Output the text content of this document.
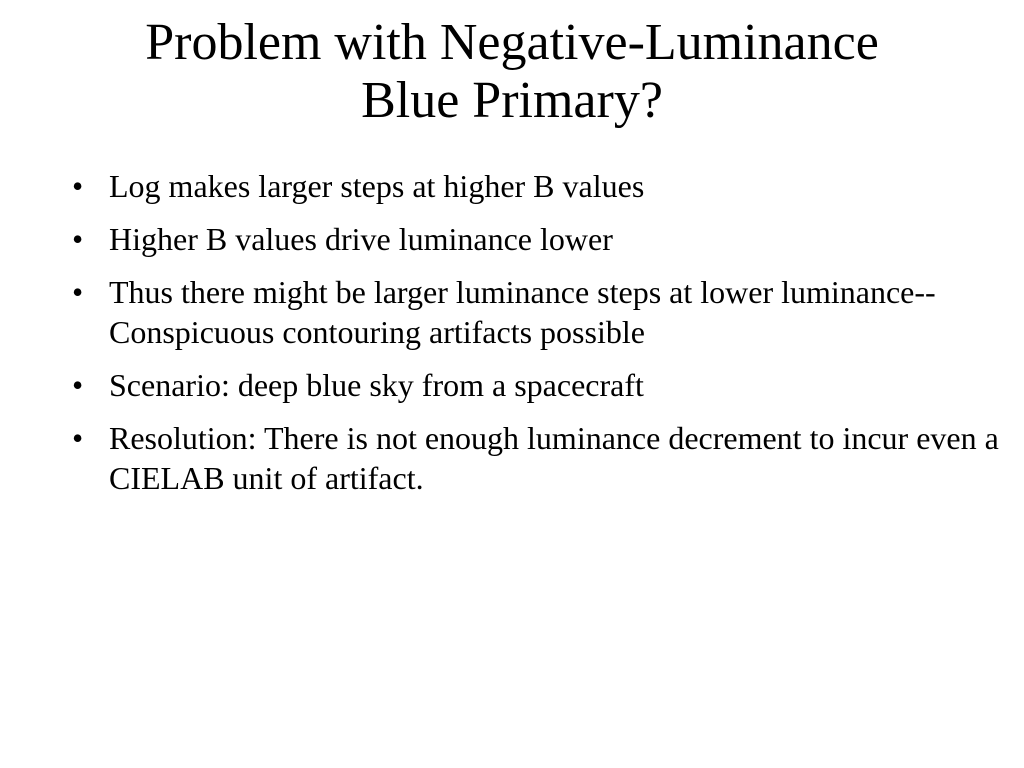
Problem with Negative-Luminance
Blue Primary?
• Log makes larger steps at higher B values
• Higher B values drive luminance lower
• Thus there might be larger luminance steps at lower luminance--Conspicuous contouring artifacts possible
• Scenario: deep blue sky from a spacecraft
• Resolution: There is not enough luminance decrement to incur even a CIELAB unit of artifact.
